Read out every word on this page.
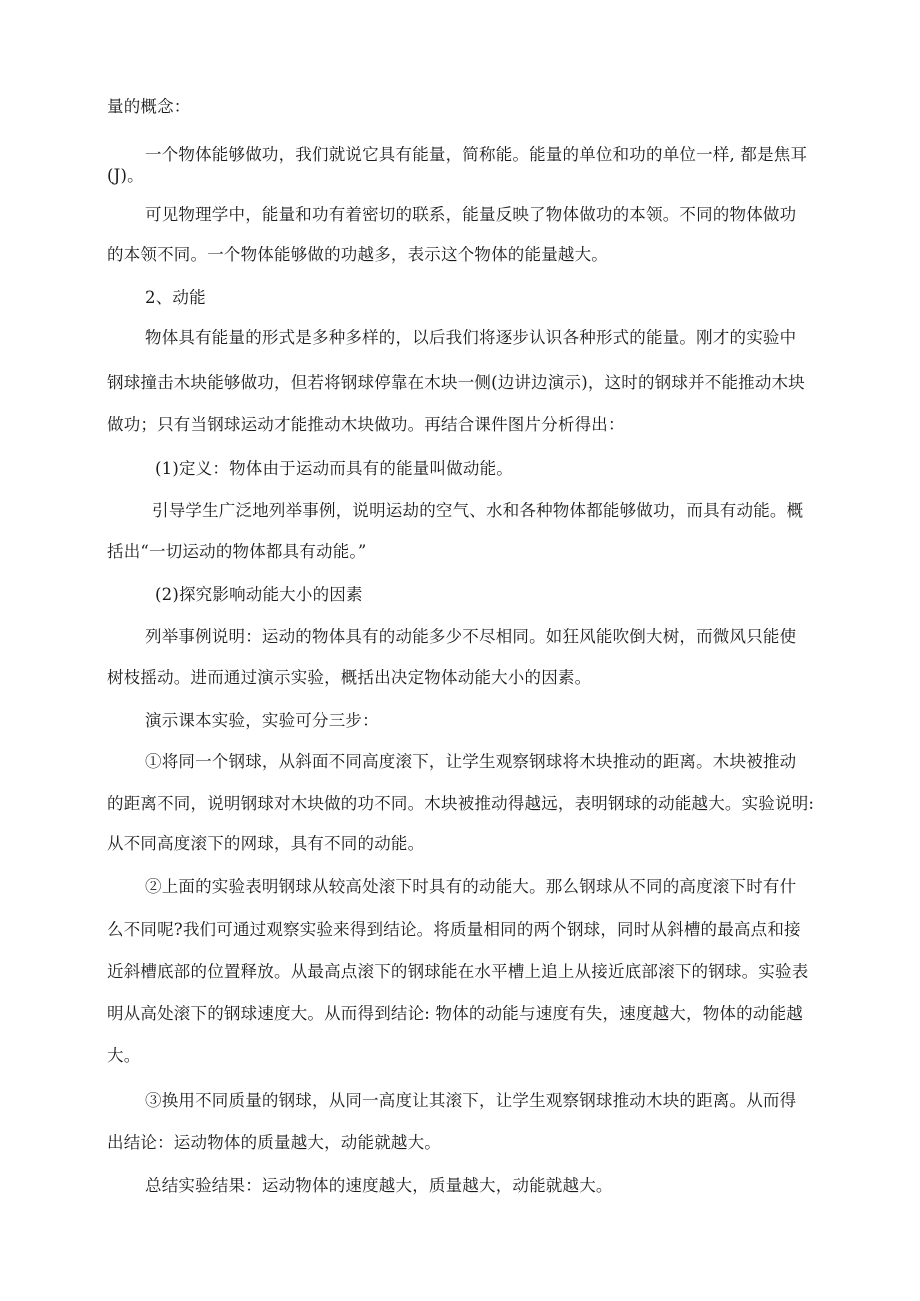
量的概念：

一个物体能够做功，我们就说它具有能量，简称能。能量的单位和功的单位一样, 都是焦耳

(J)。

可见物理学中，能量和功有着密切的联系，能量反映了物体做功的本领。不同的物体做功

的本领不同。一个物体能够做的功越多，表示这个物体的能量越大。

2、动能

物体具有能量的形式是多种多样的，以后我们将逐步认识各种形式的能量。刚才的实验中

钢球撞击木块能够做功，但若将钢球停靠在木块一侧(边讲边演示)，这时的钢球并不能推动木块

做功；只有当钢球运动才能推动木块做功。再结合课件图片分析得出：

(1)定义：物体由于运动而具有的能量叫做动能。

引导学生广泛地列举事例，说明运劫的空气、水和各种物体都能够做功，而具有动能。概

括出“一切运动的物体都具有动能。”

(2)探究影响动能大小的因素

列举事例说明：运动的物体具有的动能多少不尽相同。如狂风能吹倒大树，而微风只能使

树枝摇动。进而通过演示实验，概括出决定物体动能大小的因素。

演示课本实验，实验可分三步：

①将同一个钢球，从斜面不同高度滚下，让学生观察钢球将木块推动的距离。木块被推动

的距离不同，说明钢球对木块做的功不同。木块被推动得越远，表明钢球的动能越大。实验说明:

从不同高度滚下的网球，具有不同的动能。

②上面的实验表明钢球从较高处滚下时具有的动能大。那么钢球从不同的高度滚下时有什

么不同呢?我们可通过观察实验来得到结论。将质量相同的两个钢球，同时从斜槽的最高点和接

近斜槽底部的位置释放。从最高点滚下的钢球能在水平槽上追上从接近底部滚下的钢球。实验表

明从高处滚下的钢球速度大。从而得到结论: 物体的动能与速度有失，速度越大，物体的动能越

大。

③换用不同质量的钢球，从同一高度让其滚下，让学生观察钢球推动木块的距离。从而得

出结论：运动物体的质量越大，动能就越大。

总结实验结果：运动物体的速度越大，质量越大，动能就越大。
